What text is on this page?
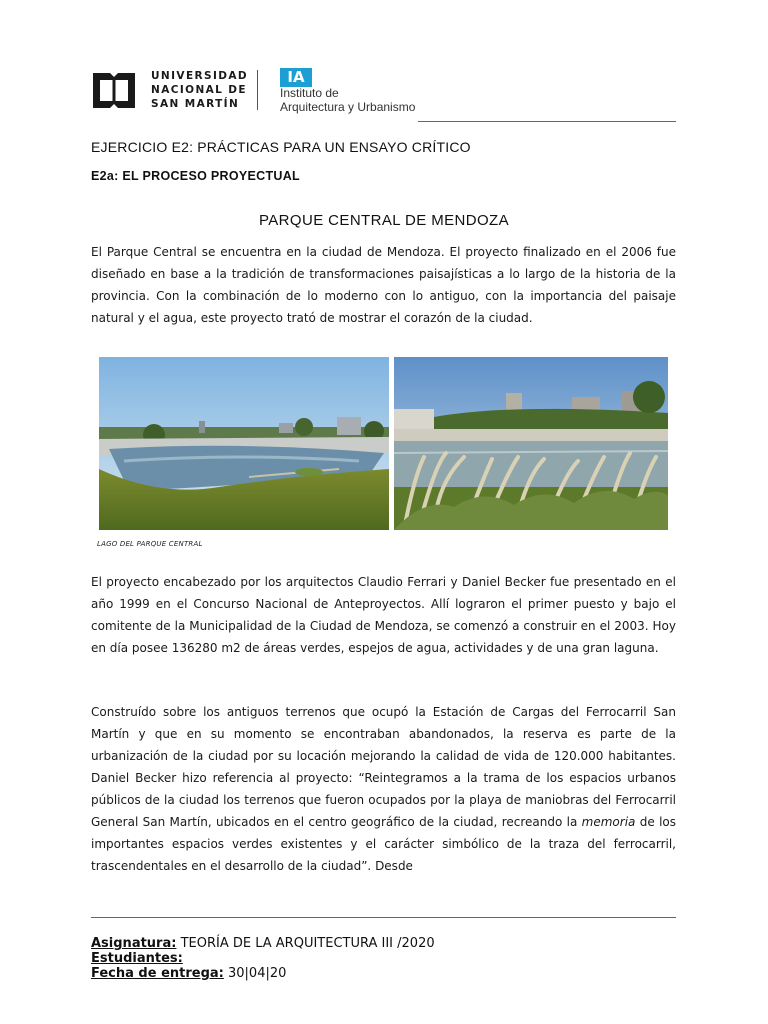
UNIVERSIDAD
NACIONAL DE
SAN MARTÍN
IA
Instituto de
Arquitectura y Urbanismo
EJERCICIO E2: PRÁCTICAS PARA UN ENSAYO CRÍTICO
E2a: EL PROCESO PROYECTUAL
PARQUE CENTRAL DE MENDOZA
El Parque Central se encuentra en la ciudad de Mendoza. El proyecto finalizado en el 2006 fue diseñado en base a la tradición de transformaciones paisajísticas a lo largo de la historia de la provincia. Con la combinación de lo moderno con lo antiguo, con la importancia del paisaje natural y el agua, este proyecto trató de mostrar el corazón de la ciudad.
LAGO DEL PARQUE CENTRAL
El proyecto encabezado por los arquitectos Claudio Ferrari y Daniel Becker fue presentado en el año 1999 en el Concurso Nacional de Anteproyectos. Allí lograron el primer puesto y bajo el comitente de la Municipalidad de la Ciudad de Mendoza, se comenzó a construir en el 2003. Hoy en día posee 136280 m2 de áreas verdes, espejos de agua, actividades y de una gran laguna.
Construído sobre los antiguos terrenos que ocupó la Estación de Cargas del Ferrocarril San Martín y que en su momento se encontraban abandonados, la reserva es parte de la urbanización de la ciudad por su locación mejorando la calidad de vida de 120.000 habitantes. Daniel Becker hizo referencia al proyecto: “Reintegramos a la trama de los espacios urbanos públicos de la ciudad los terrenos que fueron ocupados por la playa de maniobras del Ferrocarril General San Martín, ubicados en el centro geográfico de la ciudad, recreando la memoria de los importantes espacios verdes existentes y el carácter simbólico de la traza del ferrocarril, trascendentales en el desarrollo de la ciudad”. Desde
Asignatura: TEORÍA DE LA ARQUITECTURA III /2020
Estudiantes:
Fecha de entrega: 30|04|20
